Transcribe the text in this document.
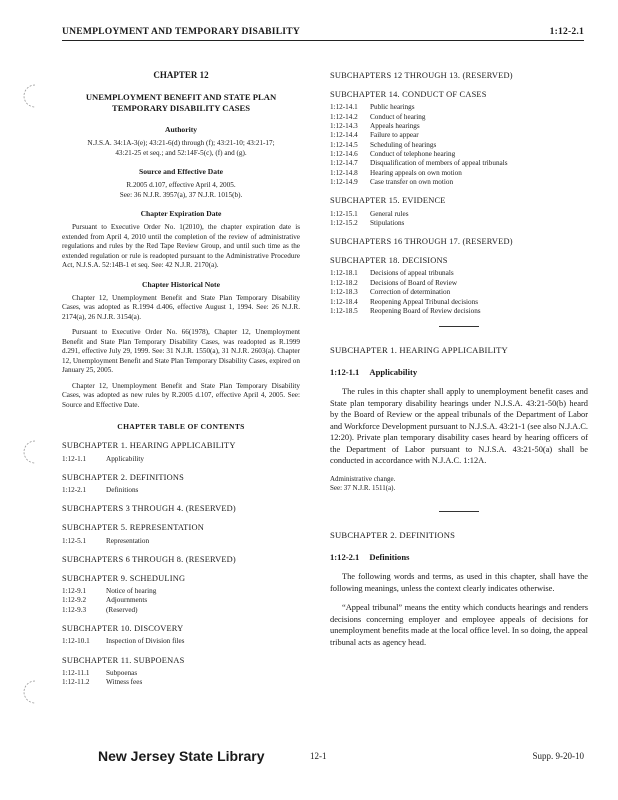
UNEMPLOYMENT AND TEMPORARY DISABILITY	1:12-2.1
CHAPTER 12
UNEMPLOYMENT BENEFIT AND STATE PLAN
TEMPORARY DISABILITY CASES
Authority

N.J.S.A. 34:1A-3(e); 43:21-6(d) through (f); 43:21-10; 43:21-17;

43:21-25 et seq.; and 52:14F-5(c), (f) and (g).

Source and Effective Date

R.2005 d.107, effective April 4, 2005.

See: 36 N.J.R. 3957(a), 37 N.J.R. 1015(b).

Chapter Expiration Date

Pursuant to Executive Order No. 1(2010), the chapter expiration date is extended from April 4, 2010 until the completion of the review of administrative regulations and rules by the Red Tape Review Group, and until such time as the extended regulation or rule is readopted pursuant to the Administrative Procedure Act, N.J.S.A. 52:14B-1 et seq. See: 42 N.J.R. 2170(a).

Chapter Historical Note

Chapter 12, Unemployment Benefit and State Plan Temporary Disability Cases, was adopted as R.1994 d.406, effective August 1, 1994. See: 26 N.J.R. 2174(a), 26 N.J.R. 3154(a).

Pursuant to Executive Order No. 66(1978), Chapter 12, Unemployment Benefit and State Plan Temporary Disability Cases, was readopted as R.1999 d.291, effective July 29, 1999. See: 31 N.J.R. 1550(a), 31 N.J.R. 2603(a). Chapter 12, Unemployment Benefit and State Plan Temporary Disability Cases, expired on January 25, 2005.

Chapter 12, Unemployment Benefit and State Plan Temporary Disability Cases, was adopted as new rules by R.2005 d.107, effective April 4, 2005. See: Source and Effective Date.

CHAPTER TABLE OF CONTENTS
SUBCHAPTER 1. HEARING APPLICABILITY
1:12-1.1	Applicability
SUBCHAPTER 2. DEFINITIONS
1:12-2.1	Definitions
SUBCHAPTERS 3 THROUGH 4. (RESERVED)
SUBCHAPTER 5. REPRESENTATION
1:12-5.1	Representation
SUBCHAPTERS 6 THROUGH 8. (RESERVED)
SUBCHAPTER 9. SCHEDULING
1:12-9.1	Notice of hearing
1:12-9.2	Adjournments
1:12-9.3	(Reserved)
SUBCHAPTER 10. DISCOVERY
1:12-10.1	Inspection of Division files
SUBCHAPTER 11. SUBPOENAS
1:12-11.1	Subpoenas
1:12-11.2	Witness fees
SUBCHAPTERS 12 THROUGH 13. (RESERVED)
SUBCHAPTER 14. CONDUCT OF CASES
1:12-14.1	Public hearings
1:12-14.2	Conduct of hearing
1:12-14.3	Appeals hearings
1:12-14.4	Failure to appear
1:12-14.5	Scheduling of hearings
1:12-14.6	Conduct of telephone hearing
1:12-14.7	Disqualification of members of appeal tribunals
1:12-14.8	Hearing appeals on own motion
1:12-14.9	Case transfer on own motion
SUBCHAPTER 15. EVIDENCE
1:12-15.1	General rules
1:12-15.2	Stipulations
SUBCHAPTERS 16 THROUGH 17. (RESERVED)
SUBCHAPTER 18. DECISIONS
1:12-18.1	Decisions of appeal tribunals
1:12-18.2	Decisions of Board of Review
1:12-18.3	Correction of determination
1:12-18.4	Reopening Appeal Tribunal decisions
1:12-18.5	Reopening Board of Review decisions
SUBCHAPTER 1. HEARING APPLICABILITY
1:12-1.1 Applicability

The rules in this chapter shall apply to unemployment benefit cases and State plan temporary disability hearings under N.J.S.A. 43:21-50(b) heard by the Board of Review or the appeal tribunals of the Department of Labor and Workforce Development pursuant to N.J.S.A. 43:21-1 (see also N.J.A.C. 12:20). Private plan temporary disability cases heard by hearing officers of the Department of Labor pursuant to N.J.S.A. 43:21-50(a) shall be conducted in accordance with N.J.A.C. 1:12A.

Administrative change.
See: 37 N.J.R. 1511(a).
SUBCHAPTER 2. DEFINITIONS
1:12-2.1 Definitions

The following words and terms, as used in this chapter, shall have the following meanings, unless the context clearly indicates otherwise.

“Appeal tribunal” means the entity which conducts hearings and renders decisions concerning employer and employee appeals of decisions for unemployment benefits made at the local office level. In so doing, the appeal tribunal acts as agency head.

New Jersey State Library	12-1	Supp. 9-20-10
